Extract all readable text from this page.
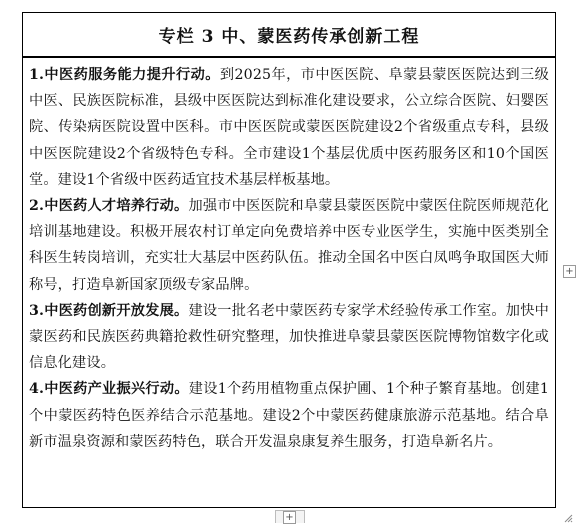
专栏 3 中、蒙医药传承创新工程

1.中医药服务能力提升行动。到2025年，市中医医院、阜蒙县蒙医医院达到三级中医、民族医院标准，县级中医医院达到标准化建设要求，公立综合医院、妇婴医院、传染病医院设置中医科。市中医医院或蒙医医院建设2个省级重点专科，县级中医医院建设2个省级特色专科。全市建设1个基层优质中医药服务区和10个国医堂。建设1个省级中医药适宜技术基层样板基地。

2.中医药人才培养行动。加强市中医医院和阜蒙县蒙医医院中蒙医住院医师规范化培训基地建设。积极开展农村订单定向免费培养中医专业医学生，实施中医类别全科医生转岗培训，充实壮大基层中医药队伍。推动全国名中医白凤鸣争取国医大师称号，打造阜新国家顶级专家品牌。

3.中医药创新开放发展。建设一批名老中蒙医药专家学术经验传承工作室。加快中蒙医药和民族医药典籍抢救性研究整理，加快推进阜蒙县蒙医医院博物馆数字化或信息化建设。

4.中医药产业振兴行动。建设1个药用植物重点保护圃、1个种子繁育基地。创建1个中蒙医药特色医养结合示范基地。建设2个中蒙医药健康旅游示范基地。结合阜新市温泉资源和蒙医药特色，联合开发温泉康复养生服务，打造阜新名片。

+
+
